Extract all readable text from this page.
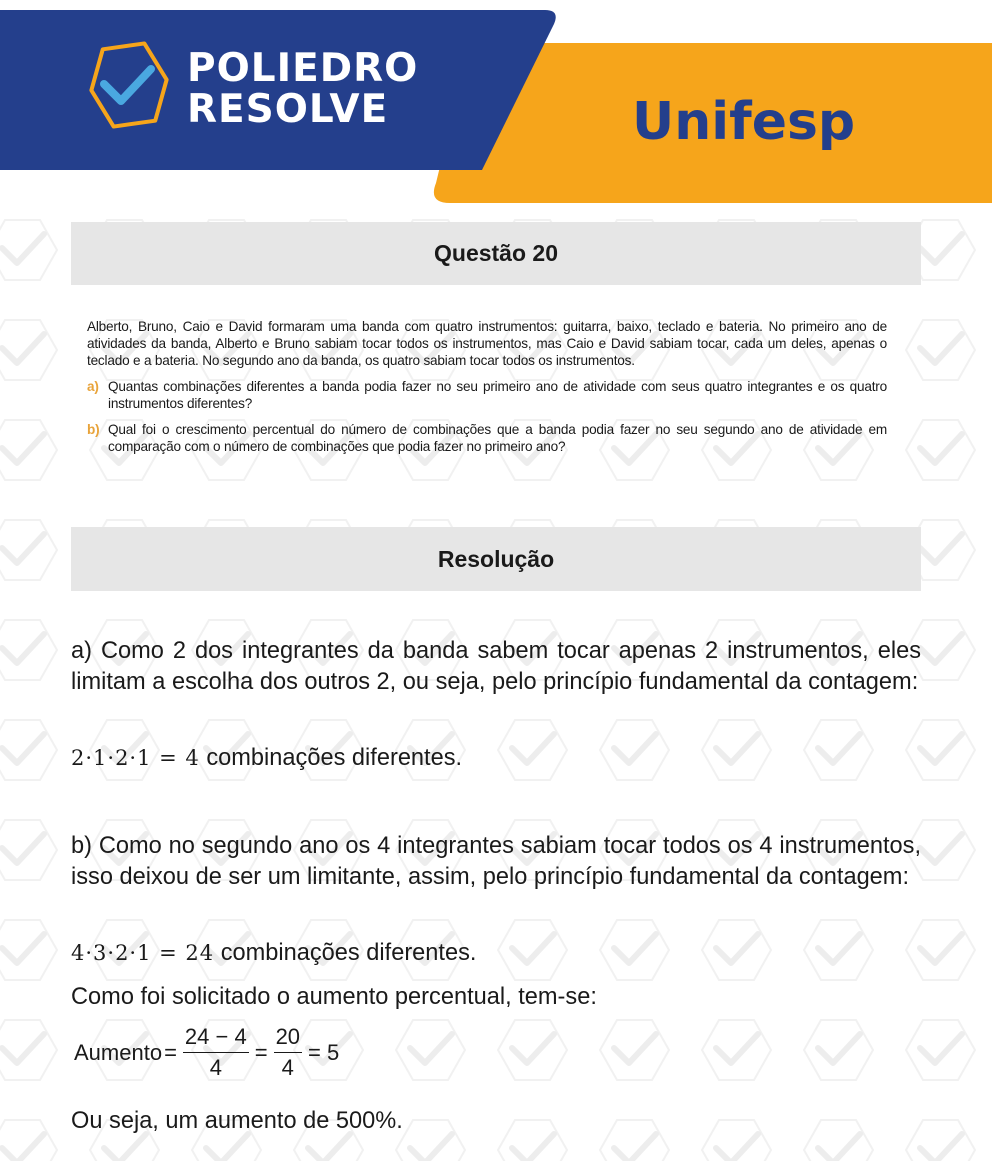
POLIEDRO
RESOLVE	Unifesp
Questão 20

Alberto, Bruno, Caio e David formaram uma banda com quatro instrumentos: guitarra, baixo, teclado e bateria. No primeiro ano de atividades da banda, Alberto e Bruno sabiam tocar todos os instrumentos, mas Caio e David sabiam tocar, cada um deles, apenas o teclado e a bateria. No segundo ano da banda, os quatro sabiam tocar todos os instrumentos.

a) Quantas combinações diferentes a banda podia fazer no seu primeiro ano de atividade com seus quatro integrantes e os quatro instrumentos diferentes?

b) Qual foi o crescimento percentual do número de combinações que a banda podia fazer no seu segundo ano de atividade em comparação com o número de combinações que podia fazer no primeiro ano?

Resolução
a) Como 2 dos integrantes da banda sabem tocar apenas 2 instrumentos, eles limitam a escolha dos outros 2, ou seja, pelo princípio fundamental da contagem:
2·1·2·1 = 4 combinações diferentes.
b) Como no segundo ano os 4 integrantes sabiam tocar todos os 4 instrumentos, isso deixou de ser um limitante, assim, pelo princípio fundamental da contagem:
4·3·2·1 = 24 combinações diferentes.
Como foi solicitado o aumento percentual, tem-se:
Aumento = $\frac{24 - 4}{4} = \frac{20}{4} = 5$
Ou seja, um aumento de 500%.
